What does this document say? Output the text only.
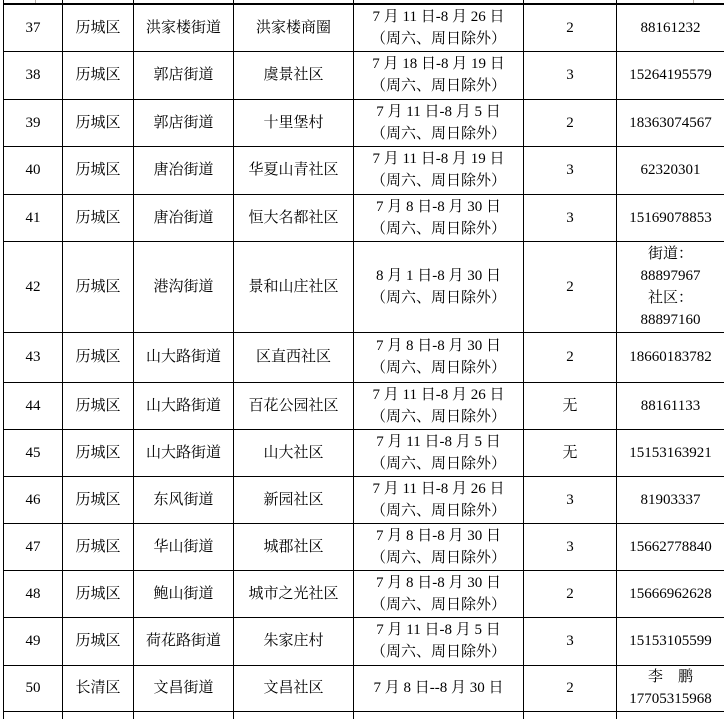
37	历城区	洪家楼街道	洪家楼商圈	7 月 11 日-8 月 26 日
（周六、周日除外）	2	88161232

38	历城区	郭店街道	虞景社区	7 月 18 日-8 月 19 日
（周六、周日除外）	3	15264195579

39	历城区	郭店街道	十里堡村	7 月 11 日-8 月 5 日
（周六、周日除外）	2	18363074567

40	历城区	唐冶街道	华夏山青社区	7 月 11 日-8 月 19 日
（周六、周日除外）	3	62320301

41	历城区	唐冶街道	恒大名都社区	7 月 8 日-8 月 30 日
（周六、周日除外）	3	15169078853

42	历城区	港沟街道	景和山庄社区	8 月 1 日-8 月 30 日
（周六、周日除外）	2	街道：
88897967
社区：
88897160

43	历城区	山大路街道	区直西社区	7 月 8 日-8 月 30 日
（周六、周日除外）	2	18660183782

44	历城区	山大路街道	百花公园社区	7 月 11 日-8 月 26 日
（周六、周日除外）	无	88161133

45	历城区	山大路街道	山大社区	7 月 11 日-8 月 5 日
（周六、周日除外）	无	15153163921

46	历城区	东风街道	新园社区	7 月 11 日-8 月 26 日
（周六、周日除外）	3	81903337

47	历城区	华山街道	城郡社区	7 月 8 日-8 月 30 日
（周六、周日除外）	3	15662778840

48	历城区	鲍山街道	城市之光社区	7 月 8 日-8 月 30 日
（周六、周日除外）	2	15666962628

49	历城区	荷花路街道	朱家庄村	7 月 11 日-8 月 5 日
（周六、周日除外）	3	15153105599

50	长清区	文昌街道	文昌社区	7 月 8 日--8 月 30 日	2	李　鹏
17705315968
